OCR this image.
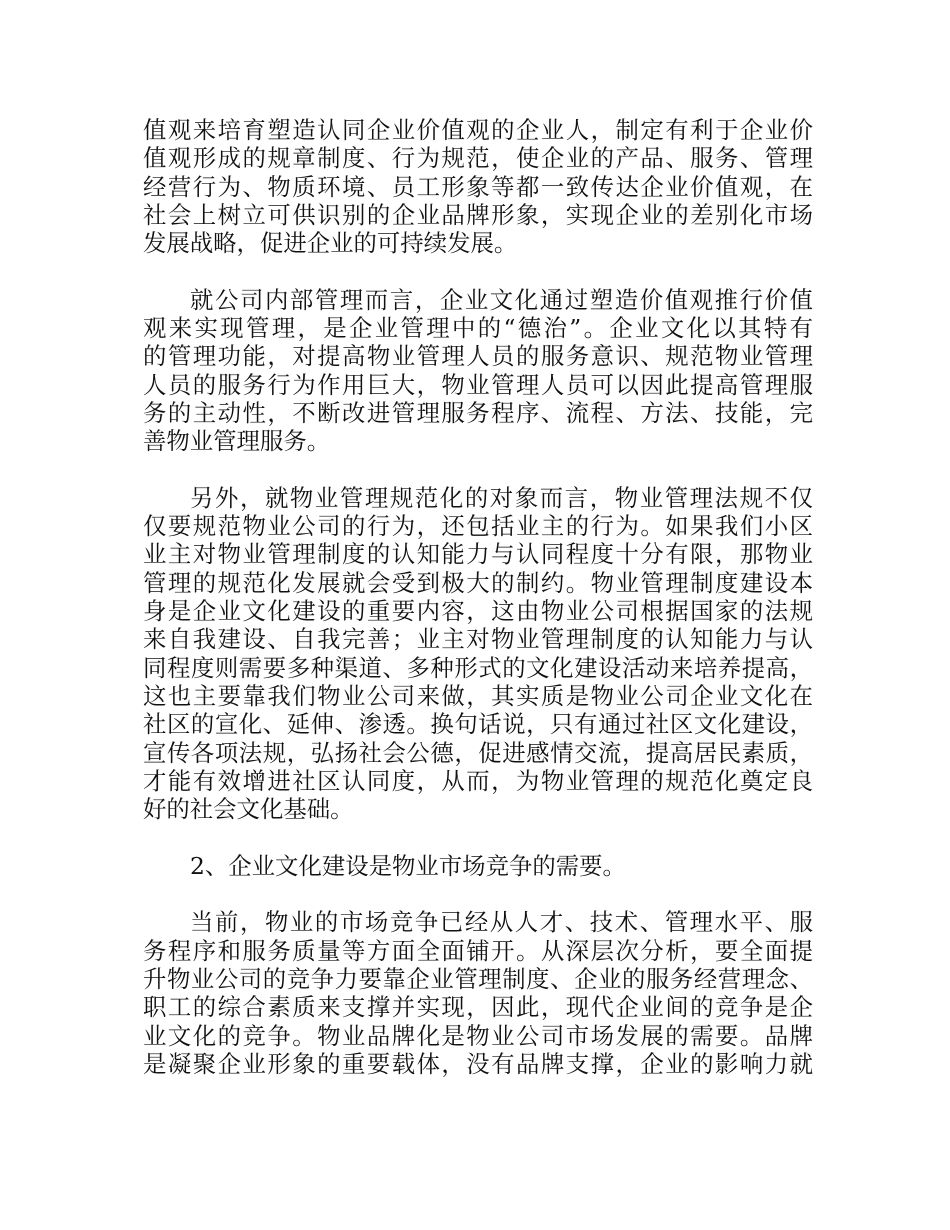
值观来培育塑造认同企业价值观的企业人，制定有利于企业价
值观形成的规章制度、行为规范，使企业的产品、服务、管理
经营行为、物质环境、员工形象等都一致传达企业价值观，在
社会上树立可供识别的企业品牌形象，实现企业的差别化市场
发展战略，促进企业的可持续发展。
就公司内部管理而言，企业文化通过塑造价值观推行价值
观来实现管理，是企业管理中的“德治”。企业文化以其特有
的管理功能，对提高物业管理人员的服务意识、规范物业管理
人员的服务行为作用巨大，物业管理人员可以因此提高管理服
务的主动性，不断改进管理服务程序、流程、方法、技能，完
善物业管理服务。
另外，就物业管理规范化的对象而言，物业管理法规不仅
仅要规范物业公司的行为，还包括业主的行为。如果我们小区
业主对物业管理制度的认知能力与认同程度十分有限，那物业
管理的规范化发展就会受到极大的制约。物业管理制度建设本
身是企业文化建设的重要内容，这由物业公司根据国家的法规
来自我建设、自我完善；业主对物业管理制度的认知能力与认
同程度则需要多种渠道、多种形式的文化建设活动来培养提高，
这也主要靠我们物业公司来做，其实质是物业公司企业文化在
社区的宣化、延伸、渗透。换句话说，只有通过社区文化建设，
宣传各项法规，弘扬社会公德，促进感情交流，提高居民素质，
才能有效增进社区认同度，从而，为物业管理的规范化奠定良
好的社会文化基础。
2、企业文化建设是物业市场竞争的需要。
当前，物业的市场竞争已经从人才、技术、管理水平、服
务程序和服务质量等方面全面铺开。从深层次分析，要全面提
升物业公司的竞争力要靠企业管理制度、企业的服务经营理念、
职工的综合素质来支撑并实现，因此，现代企业间的竞争是企
业文化的竞争。物业品牌化是物业公司市场发展的需要。品牌
是凝聚企业形象的重要载体，没有品牌支撑，企业的影响力就
